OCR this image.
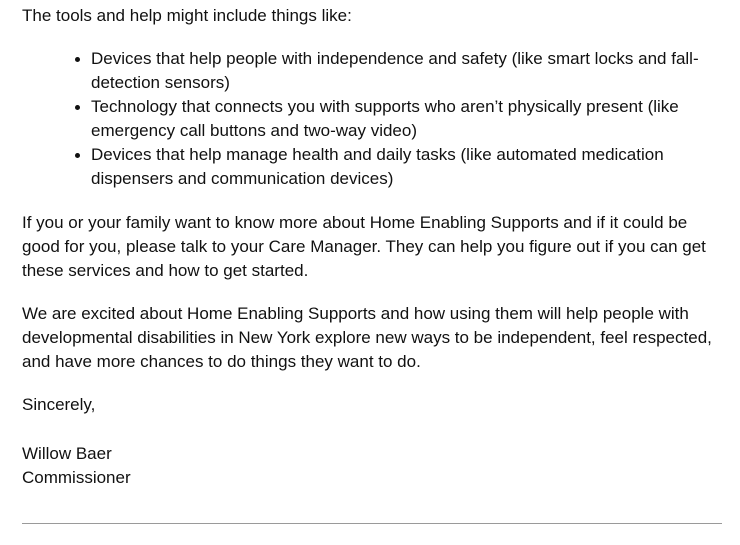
The tools and help might include things like:

Devices that help people with independence and safety (like smart locks and fall-detection sensors)
Technology that connects you with supports who aren’t physically present (like emergency call buttons and two-way video)
Devices that help manage health and daily tasks (like automated medication dispensers and communication devices)

If you or your family want to know more about Home Enabling Supports and if it could be good for you, please talk to your Care Manager. They can help you figure out if you can get these services and how to get started.

We are excited about Home Enabling Supports and how using them will help people with developmental disabilities in New York explore new ways to be independent, feel respected, and have more chances to do things they want to do.

Sincerely,

Willow Baer

Commissioner
